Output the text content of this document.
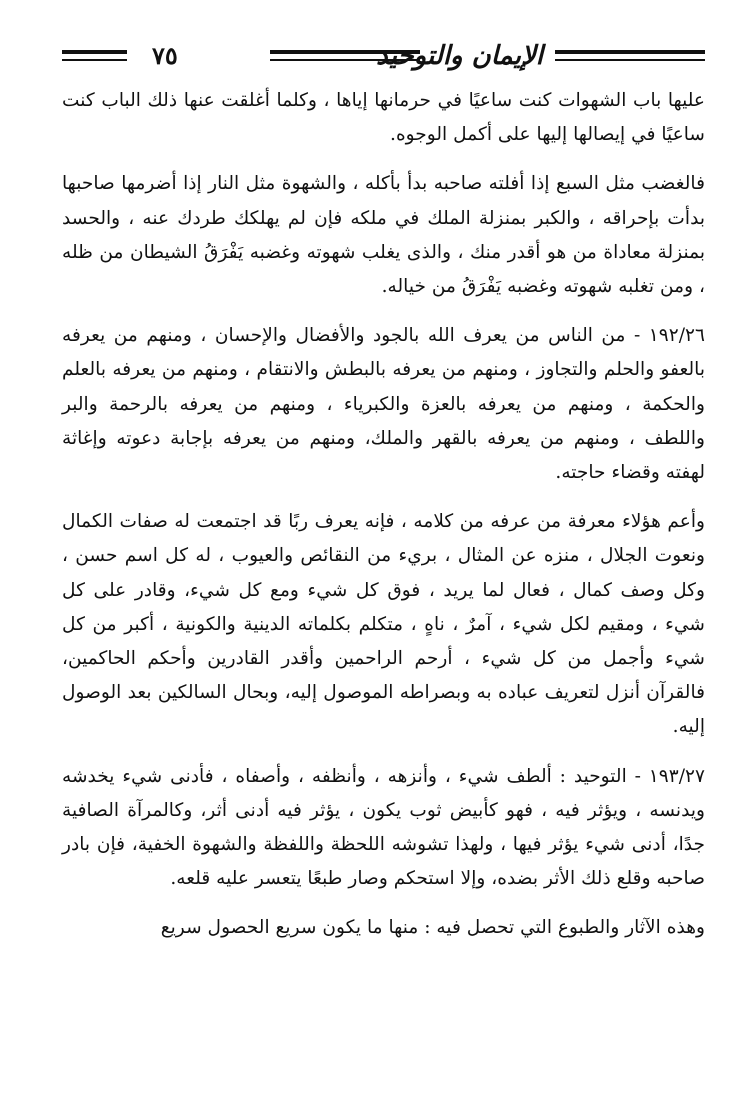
الإيمان والتوحيد
٧٥

عليها باب الشهوات كنت ساعيًا في حرمانها إياها ، وكلما أغلقت عنها ذلك الباب كنت ساعيًا في إيصالها إليها على أكمل الوجوه.

فالغضب مثل السبع إذا أفلته صاحبه بدأ بأكله ، والشهوة مثل النار إذا أضرمها صاحبها بدأت بإحراقه ، والكبر بمنزلة الملك في ملكه فإن لم يهلكك طردك عنه ، والحسد بمنزلة معاداة من هو أقدر منك ، والذى يغلب شهوته وغضبه يَفْرَقُ الشيطان من ظله ، ومن تغلبه شهوته وغضبه يَفْرَقُ من خياله.

١٩٢/٢٦ - من الناس من يعرف الله بالجود والأفضال والإحسان ، ومنهم من يعرفه بالعفو والحلم والتجاوز ، ومنهم من يعرفه بالبطش والانتقام ، ومنهم من يعرفه بالعلم والحكمة ، ومنهم من يعرفه بالعزة والكبرياء ، ومنهم من يعرفه بالرحمة والبر واللطف ، ومنهم من يعرفه بالقهر والملك، ومنهم من يعرفه بإجابة دعوته وإغاثة لهفته وقضاء حاجته.

وأعم هؤلاء معرفة من عرفه من كلامه ، فإنه يعرف ربًا قد اجتمعت له صفات الكمال ونعوت الجلال ، منزه عن المثال ، بريء من النقائص والعيوب ، له كل اسم حسن ، وكل وصف كمال ، فعال لما يريد ، فوق كل شيء ومع كل شيء، وقادر على كل شيء ، ومقيم لكل شيء ، آمرٌ ، ناهٍ ، متكلم بكلماته الدينية والكونية ، أكبر من كل شيء وأجمل من كل شيء ، أرحم الراحمين وأقدر القادرين وأحكم الحاكمين، فالقرآن أنزل لتعريف عباده به وبصراطه الموصول إليه، وبحال السالكين بعد الوصول إليه.

١٩٣/٢٧ - التوحيد : ألطف شيء ، وأنزهه ، وأنظفه ، وأصفاه ، فأدنى شيء يخدشه ويدنسه ، ويؤثر فيه ، فهو كأبيض ثوب يكون ، يؤثر فيه أدنى أثر، وكالمرآة الصافية جدًا، أدنى شيء يؤثر فيها ، ولهذا تشوشه اللحظة واللفظة والشهوة الخفية، فإن بادر صاحبه وقلع ذلك الأثر بضده، وإلا استحكم وصار طبعًا يتعسر عليه قلعه.

وهذه الآثار والطبوع التي تحصل فيه : منها ما يكون سريع الحصول سريع
